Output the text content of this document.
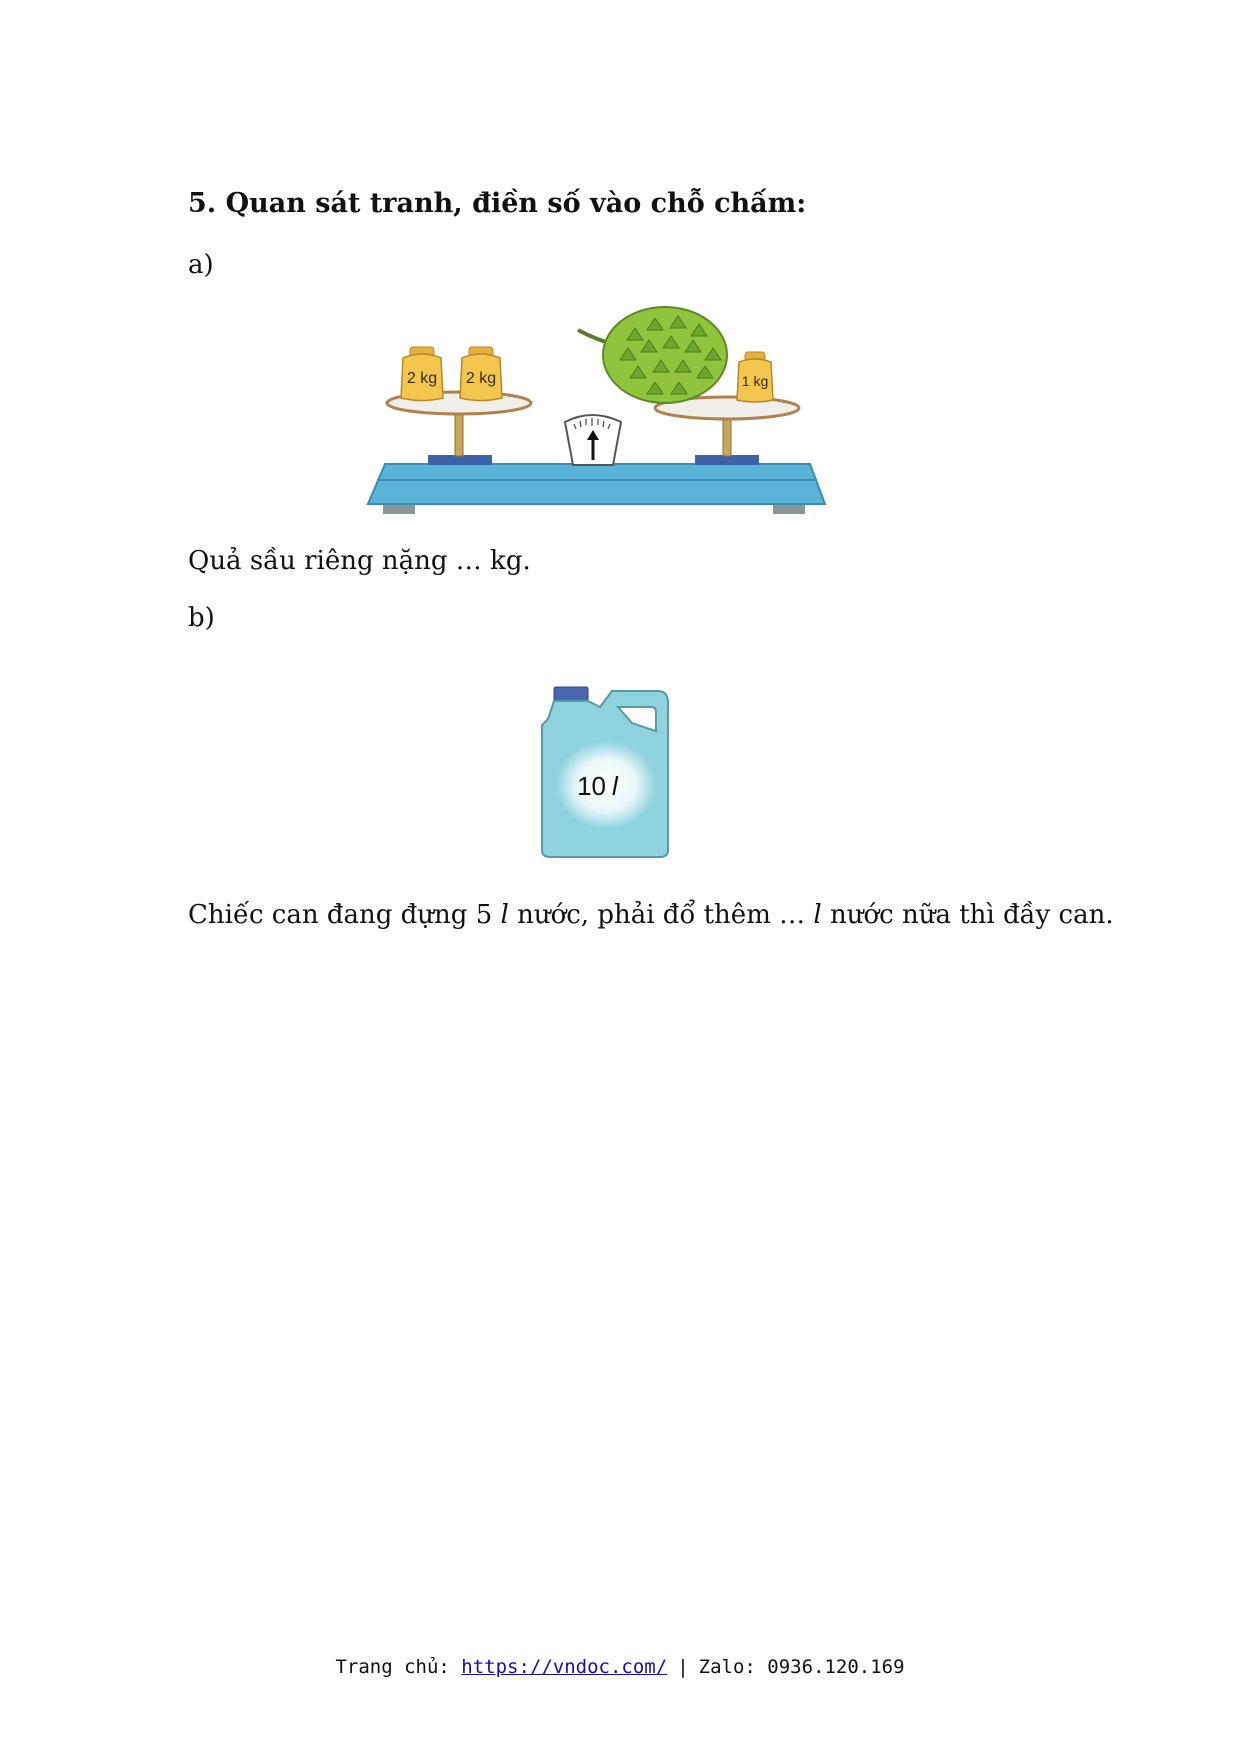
5. Quan sát tranh, điền số vào chỗ chấm:
a)
2 kg 2 kg	1 kg
Quả sầu riêng nặng … kg.
b)
10 l
Chiếc can đang đựng 5 l nước, phải đổ thêm … l nước nữa thì đầy can.
Trang chủ: https://vndoc.com/ | Zalo: 0936.120.169
